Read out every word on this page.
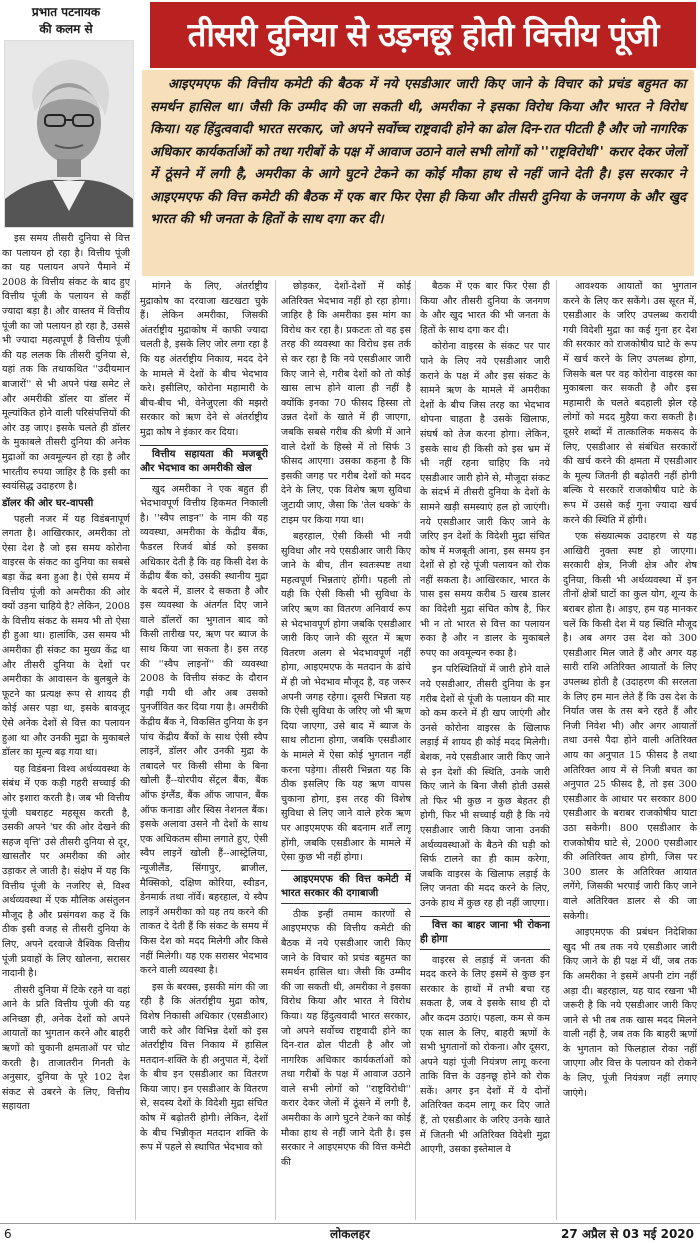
प्रभात पटनायक
की कलम से	तीसरी दुनिया से उड़नछू होती वित्तीय पूंजी

आइएमएफ की वित्तीय कमेटी की बैठक में नये एसडीआर जारी किए जाने के विचार को प्रचंड बहुमत का समर्थन हासिल था। जैसी कि उम्मीद की जा सकती थी, अमरीका ने इसका विरोध किया और भारत ने विरोध किया। यह हिंदुत्ववादी भारत सरकार, जो अपने सर्वोच्च राष्ट्रवादी होने का ढोल दिन-रात पीटती है और जो नागरिक अधिकार कार्यकर्ताओं को तथा गरीबों के पक्ष में आवाज उठाने वाले सभी लोगों को ''राष्ट्रविरोधी'' करार देकर जेलों में ठूंसने में लगी है, अमरीका के आगे घुटने टेकने का कोई मौका हाथ से नहीं जाने देती है। इस सरकार ने आइएमएफ की वित्त कमेटी की बैठक में एक बार फिर ऐसा ही किया और तीसरी दुनिया के जनगण के और खुद भारत की भी जनता के हितों के साथ दगा कर दी।

इस समय तीसरी दुनिया से वित्त का पलायन हो रहा है। वित्तीय पूंजी का यह पलायन अपने पैमाने में 2008 के वित्तीय संकट के बाद हुए वित्तीय पूंजी के पलायन से कहीं ज्यादा बड़ा है। और वास्तव में वित्तीय पूंजी का जो पलायन हो रहा है, उससे भी ज्यादा महत्वपूर्ण है वित्तीय पूंजी की यह ललक कि तीसरी दुनिया से, यहां तक कि तथाकथित ''उदीयमान बाजारों'' से भी अपने पंख समेट ले और अमरीकी डॉलर या डॉलर में मूल्यांकित होने वाली परिसंपत्तियों की ओर उड़ जाए। इसके चलते ही डॉलर के मुकाबले तीसरी दुनिया की अनेक मुद्राओं का अवमूल्यन हो रहा है और भारतीय रुपया जाहिर है कि इसी का स्वयंसिद्ध उदाहरण है।

डॉलर की ओर घर-वापसी

पहली नजर में यह विडंबनापूर्ण लगता है। आखिरकार, अमरीका तो ऐसा देश है जो इस समय कोरोना वाइरस के संकट का दुनिया का सबसे बड़ा केंद्र बना हुआ है। ऐसे समय में वित्तीय पूंजी को अमरीका की ओर क्यों उड़ना चाहिये है? लेकिन, 2008 के वित्तीय संकट के समय भी तो ऐसा ही हुआ था। हालांकि, उस समय भी अमरीका ही संकट का मुख्य केंद्र था और तीसरी दुनिया के देशों पर अमरीका के आवासन के बुलबुले के फूटने का प्रत्यक्ष रूप से शायद ही कोई असर पड़ा था, इसके बावजूद ऐसे अनेक देशों से वित्त का पलायन हुआ था और उनकी मुद्रा के मुकाबले डॉलर का मूल्य बढ़ गया था।

यह विडंबना विश्व अर्थव्यवस्था के संबंध में एक कड़ी गहरी सच्चाई की ओर इशारा करती है। जब भी वित्तीय पूंजी घबराहट महसूस करती है, उसकी अपने 'घर की ओर देखने की सहज वृत्ति' उसे तीसरी दुनिया से दूर, खासतौर पर अमरीका की ओर उड़ाकर ले जाती है। संक्षेप में यह कि वित्तीय पूंजी के नजरिए से, विश्व अर्थव्यवस्था में एक मौलिक असंतुलन मौजूद है और प्रसंगवश कह दें कि ठीक इसी वजह से तीसरी दुनिया के लिए, अपने दरवाजे वैश्विक वित्तीय पूंजी प्रवाहों के लिए खोलना, सरासर नादानी है।

तीसरी दुनिया में टिके रहने या वहां आने के प्रति वित्तीय पूंजी की यह अनिच्छा ही, अनेक देशों को अपने आयातों का भुगतान करने और बाहरी ऋणों को चुकानी क्षमताओं पर चोट करती है। ताजातरीन गिनती के अनुसार, दुनिया के पूरे 102 देश संकट से उबरने के लिए, वित्तीय सहायता

मांगने के लिए, अंतर्राष्ट्रीय मुद्राकोष का दरवाजा खटखटा चुके हैं। लेकिन अमरीका, जिसकी अंतर्राष्ट्रीय मुद्राकोष में काफी ज्यादा चलती है, इसके लिए जोर लगा रहा है कि यह अंतर्राष्ट्रीय निकाय, मदद देने के मामले में देशों के बीच भेदभाव करे। इसीलिए, कोरोना महामारी के बीच-बीच भी, वेनेजुएला की मझरो सरकार को ऋण देने से अंतर्राष्ट्रीय मुद्रा कोष ने इंकार कर दिया।

वित्तीय सहायता की मजबूरी और भेदभाव का अमरीकी खेल

खुद अमरीका ने एक बहुत ही भेदभावपूर्ण वित्तीय हिकमत निकाली है। ''स्वैप लाइन'' के नाम की यह व्यवस्था, अमरीका के केंद्रीय बैंक, फैडरल रिजर्व बोर्ड को इसका अधिकार देती है कि वह किसी देश के केंद्रीय बैंक को, उसकी स्थानीय मुद्रा के बदले में, डालर दे सकता है और इस व्यवस्था के अंतर्गत दिए जाने वाले डॉलरों का भुगतान बाद को किसी तारीख पर, ऋण पर ब्याज के साथ किया जा सकता है। इस तरह की ''स्वैप लाइनों'' की व्यवस्था 2008 के वित्तीय संकट के दौरान गढ़ी गयी थी और अब उसको पुनर्जीवित कर दिया गया है। अमरीकी केंद्रीय बैंक ने, विकसित दुनिया के इन पांच केंद्रीय बैंकों के साथ ऐसी स्वैप लाइनें, डॉलर और उनकी मुद्रा के तबादले पर किसी सीमा के बिना खोली हैं--योरपीय सेंट्रल बैंक, बैंक ऑफ इंग्लैंड, बैंक ऑफ जापान, बैंक ऑफ कनाडा और स्विस नेशनल बैंक। इसके अलावा उसने नौ देशों के साथ एक अधिकतम सीमा लगाते हुए, ऐसी स्वैप लाइनें खोली हैं--आस्ट्रेलिया, न्यूजीलैंड, सिंगापुर, ब्राजील, मैक्सिको, दक्षिण कोरिया, स्वीडन, डेनमार्क तथा नॉर्वे। बहरहाल, ये स्वैप लाइनें अमरीका को यह तय करने की ताकत दे देती हैं कि संकट के समय में किस देश को मदद मिलेगी और किसे नहीं मिलेगी। यह एक सरासर भेदभाव करने वाली व्यवस्था है।

इस के बरक्स, इसकी मांग की जा रही है कि अंतर्राष्ट्रीय मुद्रा कोष, विशेष निकासी अधिकार (एसडीआर) जारी करे और विभिन्न देशों को इस अंतर्राष्ट्रीय वित्त निकाय में हासिल मतदान-शक्ति के ही अनुपात में, देशों के बीच इन एसडीआर का वितरण किया जाए। इन एसडीआर के वितरण से, सदस्य देशों के विदेशी मुद्रा संचित कोष में बढ़ोतरी होगी। लेकिन, देशों के बीच भिन्नीकृत मतदान शक्ति के रूप में पहले से स्थापित भेदभाव को

छोड़कर, देशों-देशों में कोई अतिरिक्त भेदभाव नहीं हो रहा होगा। जाहिर है कि अमरीका इस मांग का विरोध कर रहा है। प्रकटतः तो वह इस तरह की व्यवस्था का विरोध इस तर्क से कर रहा है कि नये एसडीआर जारी किए जाने से, गरीब देशों को तो कोई खास लाभ होने वाला ही नहीं है क्योंकि इनका 70 फीसद हिस्सा तो उन्नत देशों के खाते में ही जाएगा, जबकि सबसे गरीब की श्रेणी में आने वाले देशों के हिस्से में तो सिर्फ 3 फीसद आएगा। उसका कहना है कि इसकी जगह पर गरीब देशों को मदद देने के लिए, एक विशेष ऋण सुविधा जुटायी जाए, जैसा कि 'तेल धक्के' के टाइम पर किया गया था।

बहरहाल, ऐसी किसी भी नयी सुविधा और नये एसडीआर जारी किए जाने के बीच, तीन स्वतःस्पष्ट तथा महत्वपूर्ण भिन्नताएं होंगी। पहली तो यही कि ऐसी किसी भी सुविधा के जरिए ऋण का वितरण अनिवार्य रूप से भेदभावपूर्ण होगा जबकि एसडीआर जारी किए जाने की सूरत में ऋण वितरण अलग से भेदभावपूर्ण नहीं होगा, आइएमएफ के मतदान के ढांचे में ही जो भेदभाव मौजूद है, वह जरूर अपनी जगह रहेगा। दूसरी भिन्नता यह कि ऐसी सुविधा के जरिए जो भी ऋण दिया जाएगा, उसे बाद में ब्याज के साथ लौटाना होगा, जबकि एसडीआर के मामले में ऐसा कोई भुगतान नहीं करना पड़ेगा। तीसरी भिन्नता यह कि ठीक इसलिए कि यह ऋण वापस चुकाना होगा, इस तरह की विशेष सुविधा से लिए जाने वाले हरेक ऋण पर आइएमएफ की बदनाम शर्तें लागू होंगी, जबकि एसडीआर के मामले में ऐसा कुछ भी नहीं होगा।

आइएमएफ की वित्त कमेटी में भारत सरकार की दगाबाजी

ठीक इन्हीं तमाम कारणों से आइएमएफ की वित्तीय कमेटी की बैठक में नये एसडीआर जारी किए जाने के विचार को प्रचंड बहुमत का समर्थन हासिल था। जैसी कि उम्मीद की जा सकती थी, अमरीका ने इसका विरोध किया और भारत ने विरोध किया। यह हिंदुत्ववादी भारत सरकार, जो अपने सर्वोच्च राष्ट्रवादी होने का दिन-रात ढोल पीटती है और जो नागरिक अधिकार कार्यकर्ताओं को तथा गरीबों के पक्ष में आवाज उठाने वाले सभी लोगों को ''राष्ट्रविरोधी'' करार देकर जेलों में ठूंसने में लगी है, अमरीका के आगे घुटने टेकने का कोई मौका हाथ से नहीं जाने देती है। इस सरकार ने आइएमएफ की वित्त कमेटी की

बैठक में एक बार फिर ऐसा ही किया और तीसरी दुनिया के जनगण के और खुद भारत की भी जनता के हितों के साथ दगा कर दी।

कोरोना वाइरस के संकट पर पार पाने के लिए नये एसडीआर जारी कराने के पक्ष में और इस संकट के सामने ऋण के मामले में अमरीका देशों के बीच जिस तरह का भेदभाव थोपना चाहता है उसके खिलाफ, संघर्ष को तेज करना होगा। लेकिन, इसके साथ ही किसी को इस भ्रम में भी नहीं रहना चाहिए कि नये एसडीआर जारी होने से, मौजूदा संकट के संदर्भ में तीसरी दुनिया के देशों के सामने खड़ी समस्याएं हल हो जाएंगी। नये एसडीआर जारी किए जाने के जरिए इन देशों के विदेशी मुद्रा संचित कोष में मजबूती आना, इस समय इन देशों से हो रहे पूंजी पलायन को रोक नहीं सकता है। आखिरकार, भारत के पास इस समय करीब 5 खरब डालर का विदेशी मुद्रा संचित कोष है, फिर भी न तो भारत से वित्त का पलायन रुका है और न डालर के मुकाबले रुपए का अवमूल्यन रुका है।

इन परिस्थितियों में जारी होने वाले नये एसडीआर, तीसरी दुनिया के इन गरीब देशों से पूंजी के पलायन की मार को कम करने में ही खप जाएंगी और उनसे कोरोना वाइरस के खिलाफ लड़ाई में शायद ही कोई मदद मिलेगी। बेशक, नये एसडीआर जारी किए जाने से इन देशों की स्थिति, उनके जारी किए जाने के बिना जैसी होती उससे तो फिर भी कुछ न कुछ बेहतर ही होगी, फिर भी सच्चाई यही है कि नये एसडीआर जारी किया जाना उनकी अर्थव्यवस्थाओं के बैठने की घड़ी को सिर्फ टालने का ही काम करेगा, जबकि वाइरस के खिलाफ लड़ाई के लिए जनता की मदद करने के लिए, उनके हाथ में कुछ रह ही नहीं जाएगा।

वित्त का बाहर जाना भी रोकना ही होगा

वाइरस से लड़ाई में जनता की मदद करने के लिए इसमें से कुछ इन सरकार के हाथों में तभी बचा रह सकता है, जब वे इसके साथ ही दो और कदम उठाएं। पहला, कम से कम एक साल के लिए, बाहरी ऋणों के सभी भुगतानों को रोकना। और दूसरा, अपने यहां पूंजी नियंत्रण लागू करना ताकि वित्त के उड़नछू होने को रोक सकें। अगर इन देशों में ये दोनों अतिरिक्त कदम लागू कर दिए जाते हैं, तो एसडीआर के जरिए उनके खाते में जितनी भी अतिरिक्त विदेशी मुद्रा आएगी, उसका इस्तेमाल वे

आवश्यक आयातों का भुगतान करने के लिए कर सकेंगे। उस सूरत में, एसडीआर के जरिए उपलब्ध करायी गयी विदेशी मुद्रा का कई गुना हर देश की सरकार को राजकोषीय घाटे के रूप में खर्च करने के लिए उपलब्ध होगा, जिसके बल पर वह कोरोना वाइरस का मुकाबला कर सकती है और इस महामारी के चलते बदहाली झेल रहे लोगों को मदद मुहैया करा सकती है। दूसरे शब्दों में तात्कालिक मकसद के लिए, एसडीआर से संबंधित सरकारों की खर्च करने की क्षमता में एसडीआर के मूल्य जितनी ही बढ़ोतरी नहीं होगी बल्कि ये सरकारें राजकोषीय घाटे के रूप में उससे कई गुना ज्यादा खर्च करने की स्थिति में होंगी।

एक संख्यात्मक उदाहरण से यह आखिरी नुक्ता स्पष्ट हो जाएगा। सरकारी क्षेत्र, निजी क्षेत्र और शेष दुनिया, किसी भी अर्थव्यवस्था में इन तीनों क्षेत्रों घाटों का कुल योग, शून्य के बराबर होता है। आइए, हम यह मानकर चलें कि किसी देश में यह स्थिति मौजूद है। अब अगर उस देश को 300 एसडीआर मिल जाते हैं और अगर यह सारी राशि अतिरिक्त आयातों के लिए उपलब्ध होती है (उदाहरण की सरलता के लिए हम मान लेते हैं कि उस देश के निर्यात जस के तस बने रहते हैं और निजी निवेश भी) और अगर आयातों तथा उनसे पैदा होने वाली अतिरिक्त आय का अनुपात 15 फीसद है तथा अतिरिक्त आय में से निजी बचत का अनुपात 25 फीसद है, तो इस 300 एसडीआर के आधार पर सरकार 800 एसडीआर के बराबर राजकोषीय घाटा उठा सकेगी। 800 एसडीआर के राजकोषीय घाटे से, 2000 एसडीआर की अतिरिक्त आय होगी, जिस पर 300 डालर के अतिरिक्त आयात लगेंगे, जिसकी भरपाई जारी किए जाने वाले अतिरिक्त डालर से की जा सकेगी।

आइएमएफ की प्रबंधन निदेशिका खुद भी तब तक नये एसडीआर जारी किए जाने के ही पक्ष में थीं, जब तक कि अमरीका ने इसमें अपनी टांग नहीं अड़ा दी। बहरहाल, यह याद रखना भी जरूरी है कि नये एसडीआर जारी किए जाने से भी तब तक खास मदद मिलने वाली नहीं है, जब तक कि बाहरी ऋणों के भुगतान को फिलहाल रोका नहीं जाएगा और वित्त के पलायन को रोकने के लिए, पूंजी नियंत्रण नहीं लगाए जाएंगे।

6	लोकलहर	27 अप्रैल से 03 मई 2020
